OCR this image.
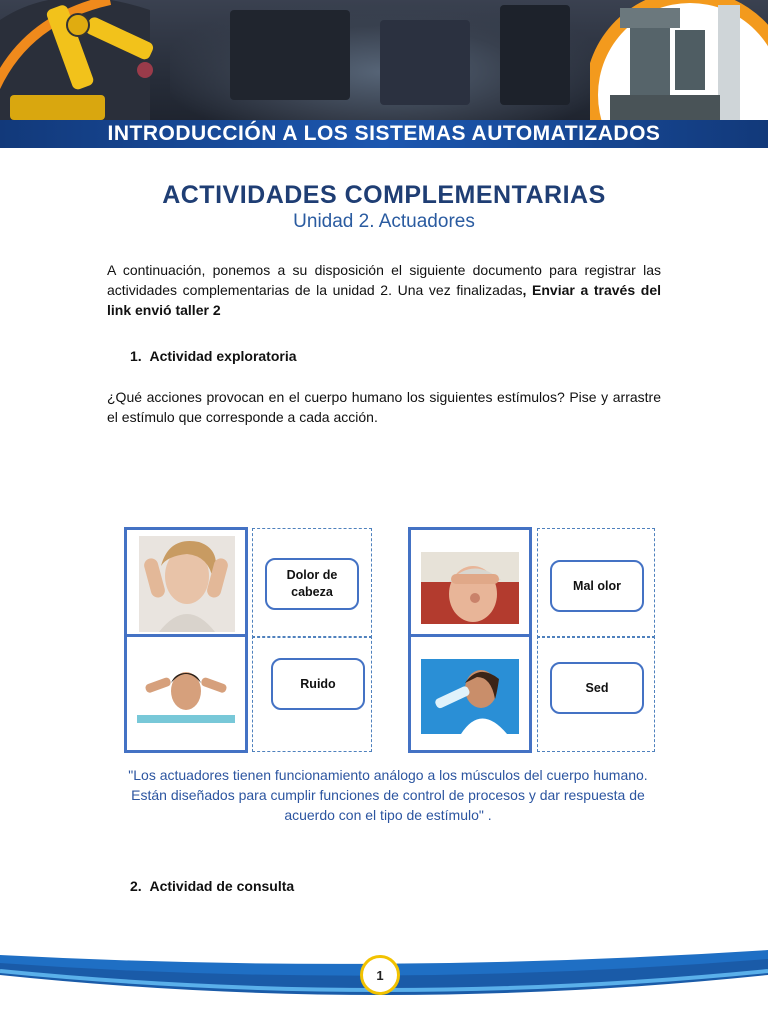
INTRODUCCIÓN A LOS SISTEMAS AUTOMATIZADOS
ACTIVIDADES COMPLEMENTARIAS
Unidad 2. Actuadores
A continuación, ponemos a su disposición el siguiente documento para registrar las actividades complementarias de la unidad 2. Una vez finalizadas, Enviar a través del link envió taller 2
1. Actividad exploratoria
¿Qué acciones provocan en el cuerpo humano los siguientes estímulos? Pise y arrastre el estímulo que corresponde a cada acción.
Dolor de cabeza
Ruido
Mal olor
Sed
"Los actuadores tienen funcionamiento análogo a los músculos del cuerpo humano. Están diseñados para cumplir funciones de control de procesos y dar respuesta de acuerdo con el tipo de estímulo" .
2. Actividad de consulta
1
